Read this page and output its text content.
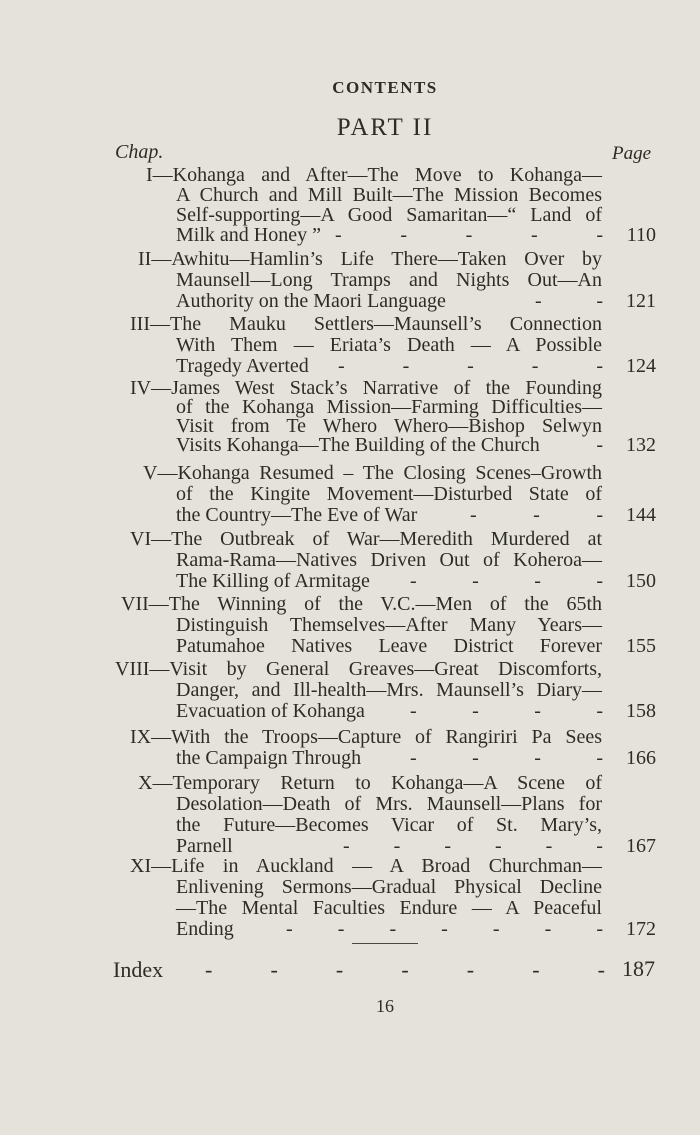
CONTENTS
PART II
Chap.	Page
I—Kohanga and After—The Move to Kohanga—
A Church and Mill Built—The Mission Becomes
Self-supporting—A Good Samaritan—“ Land of
Milk and Honey ” -	-	-	-	- 110
II—Awhitu—Hamlin’s Life There—Taken Over by
Maunsell—Long Tramps and Nights Out—An
Authority on the Maori Language	-	- 121
III—The Mauku Settlers—Maunsell’s Connection
With Them — Eriata’s Death — A Possible
Tragedy Averted -	-	-	-	- 124
IV—James West Stack’s Narrative of the Founding
of the Kohanga Mission—Farming Difficulties—
Visit from Te Whero Whero—Bishop Selwyn
Visits Kohanga—The Building of the Church	- 132
V—Kohanga Resumed – The Closing Scenes–Growth
of the Kingite Movement—Disturbed State of
the Country—The Eve of War	-	-	- 144
VI—The Outbreak of War—Meredith Murdered at
Rama-Rama—Natives Driven Out of Koheroa—
The Killing of Armitage -	-	-	- 150
VII—The Winning of the V.C.—Men of the 65th
Distinguish Themselves—After Many Years—
Patumahoe Natives Leave District Forever 155
VIII—Visit by General Greaves—Great Discomforts,
Danger, and Ill-health—Mrs. Maunsell’s Diary—
Evacuation of Kohanga -	-	-	- 158
IX—With the Troops—Capture of Rangiriri Pa Sees
the Campaign Through -	-	-	- 166
X—Temporary Return to Kohanga—A Scene of
Desolation—Death of Mrs. Maunsell—Plans for
the Future—Becomes Vicar of St. Mary’s,
Parnell	- - - - - - 167
XI—Life in Auckland — A Broad Churchman—
Enlivening Sermons—Gradual Physical Decline
—The Mental Faculties Endure — A Peaceful
Ending	- - - - - - - 172
Index -	-	-	-	-	-	- 187
16
